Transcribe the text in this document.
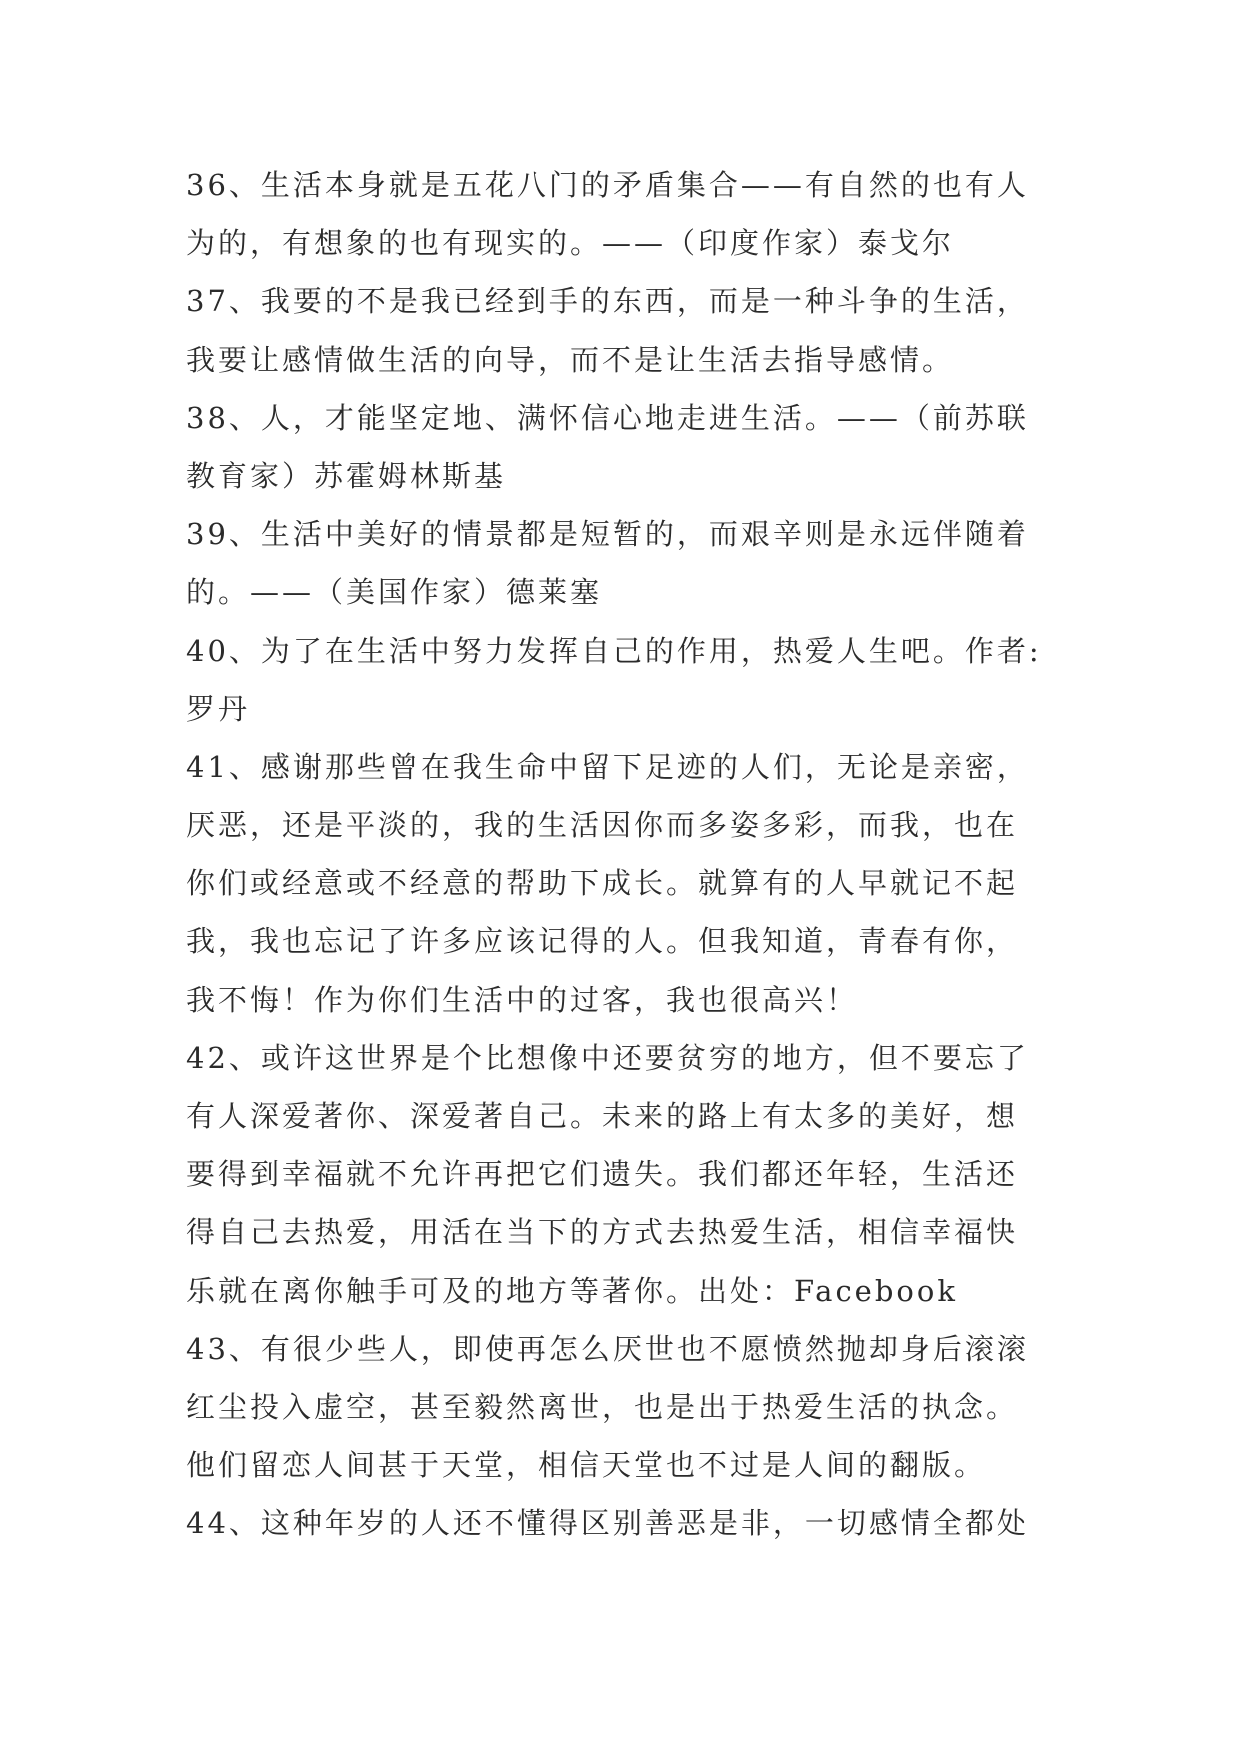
36、生活本身就是五花八门的矛盾集合——有自然的也有人
为的，有想象的也有现实的。——（印度作家）泰戈尔
37、我要的不是我已经到手的东西，而是一种斗争的生活，
我要让感情做生活的向导，而不是让生活去指导感情。
38、人，才能坚定地、满怀信心地走进生活。——（前苏联
教育家）苏霍姆林斯基
39、生活中美好的情景都是短暂的，而艰辛则是永远伴随着
的。——（美国作家）德莱塞
40、为了在生活中努力发挥自己的作用，热爱人生吧。作者:
罗丹
41、感谢那些曾在我生命中留下足迹的人们，无论是亲密，
厌恶，还是平淡的，我的生活因你而多姿多彩，而我，也在
你们或经意或不经意的帮助下成长。就算有的人早就记不起
我，我也忘记了许多应该记得的人。但我知道，青春有你，
我不悔！作为你们生活中的过客，我也很高兴！
42、或许这世界是个比想像中还要贫穷的地方，但不要忘了
有人深爱著你、深爱著自己。未来的路上有太多的美好，想
要得到幸福就不允许再把它们遗失。我们都还年轻，生活还
得自己去热爱，用活在当下的方式去热爱生活，相信幸福快
乐就在离你触手可及的地方等著你。出处：Facebook
43、有很少些人，即使再怎么厌世也不愿愤然抛却身后滚滚
红尘投入虚空，甚至毅然离世，也是出于热爱生活的执念。
他们留恋人间甚于天堂，相信天堂也不过是人间的翻版。
44、这种年岁的人还不懂得区别善恶是非，一切感情全都处
